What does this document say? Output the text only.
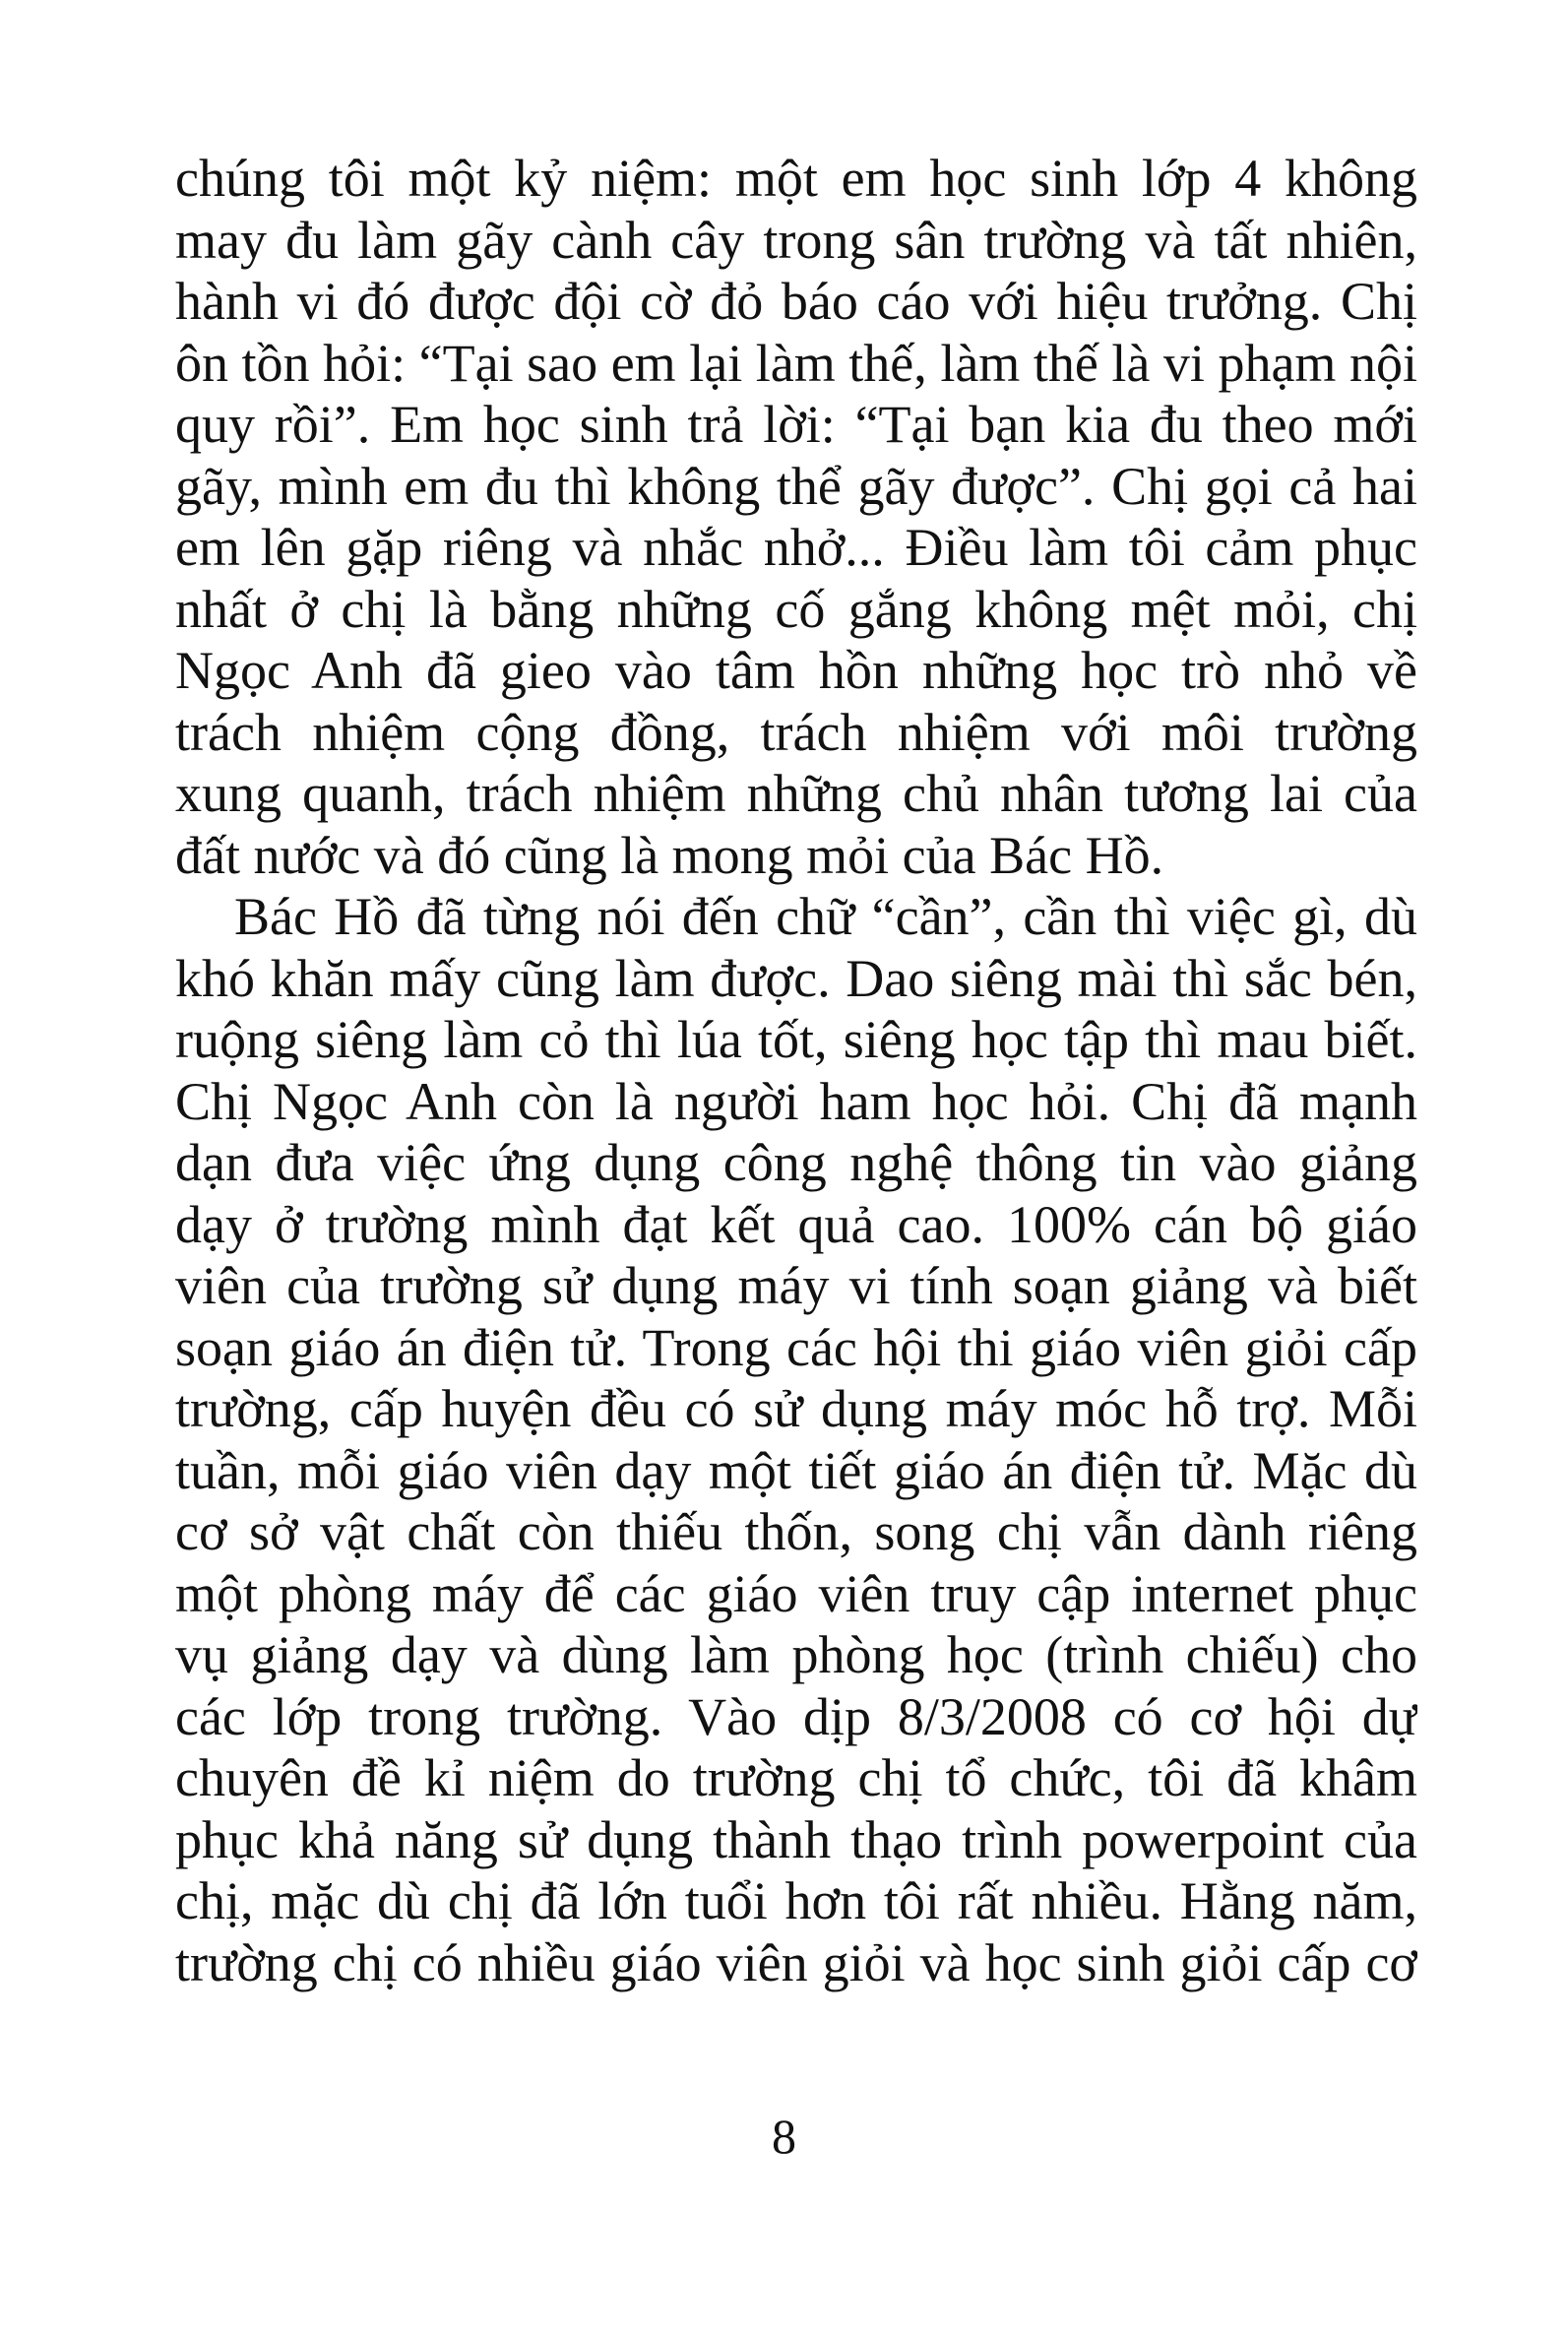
chúng tôi một kỷ niệm: một em học sinh lớp 4 không
may đu làm gãy cành cây trong sân trường và tất nhiên,
hành vi đó được đội cờ đỏ báo cáo với hiệu trưởng. Chị
ôn tồn hỏi: “Tại sao em lại làm thế, làm thế là vi phạm nội
quy rồi”. Em học sinh trả lời: “Tại bạn kia đu theo mới
gãy, mình em đu thì không thể gãy được”. Chị gọi cả hai
em lên gặp riêng và nhắc nhở... Điều làm tôi cảm phục
nhất ở chị là bằng những cố gắng không mệt mỏi, chị
Ngọc Anh đã gieo vào tâm hồn những học trò nhỏ về
trách nhiệm cộng đồng, trách nhiệm với môi trường
xung quanh, trách nhiệm những chủ nhân tương lai của
đất nước và đó cũng là mong mỏi của Bác Hồ.
Bác Hồ đã từng nói đến chữ “cần”, cần thì việc gì, dù
khó khăn mấy cũng làm được. Dao siêng mài thì sắc bén,
ruộng siêng làm cỏ thì lúa tốt, siêng học tập thì mau biết.
Chị Ngọc Anh còn là người ham học hỏi. Chị đã mạnh
dạn đưa việc ứng dụng công nghệ thông tin vào giảng
dạy ở trường mình đạt kết quả cao. 100% cán bộ giáo
viên của trường sử dụng máy vi tính soạn giảng và biết
soạn giáo án điện tử. Trong các hội thi giáo viên giỏi cấp
trường, cấp huyện đều có sử dụng máy móc hỗ trợ. Mỗi
tuần, mỗi giáo viên dạy một tiết giáo án điện tử. Mặc dù
cơ sở vật chất còn thiếu thốn, song chị vẫn dành riêng
một phòng máy để các giáo viên truy cập internet phục
vụ giảng dạy và dùng làm phòng học (trình chiếu) cho
các lớp trong trường. Vào dịp 8/3/2008 có cơ hội dự
chuyên đề kỉ niệm do trường chị tổ chức, tôi đã khâm
phục khả năng sử dụng thành thạo trình powerpoint của
chị, mặc dù chị đã lớn tuổi hơn tôi rất nhiều. Hằng năm,
trường chị có nhiều giáo viên giỏi và học sinh giỏi cấp cơ
8
